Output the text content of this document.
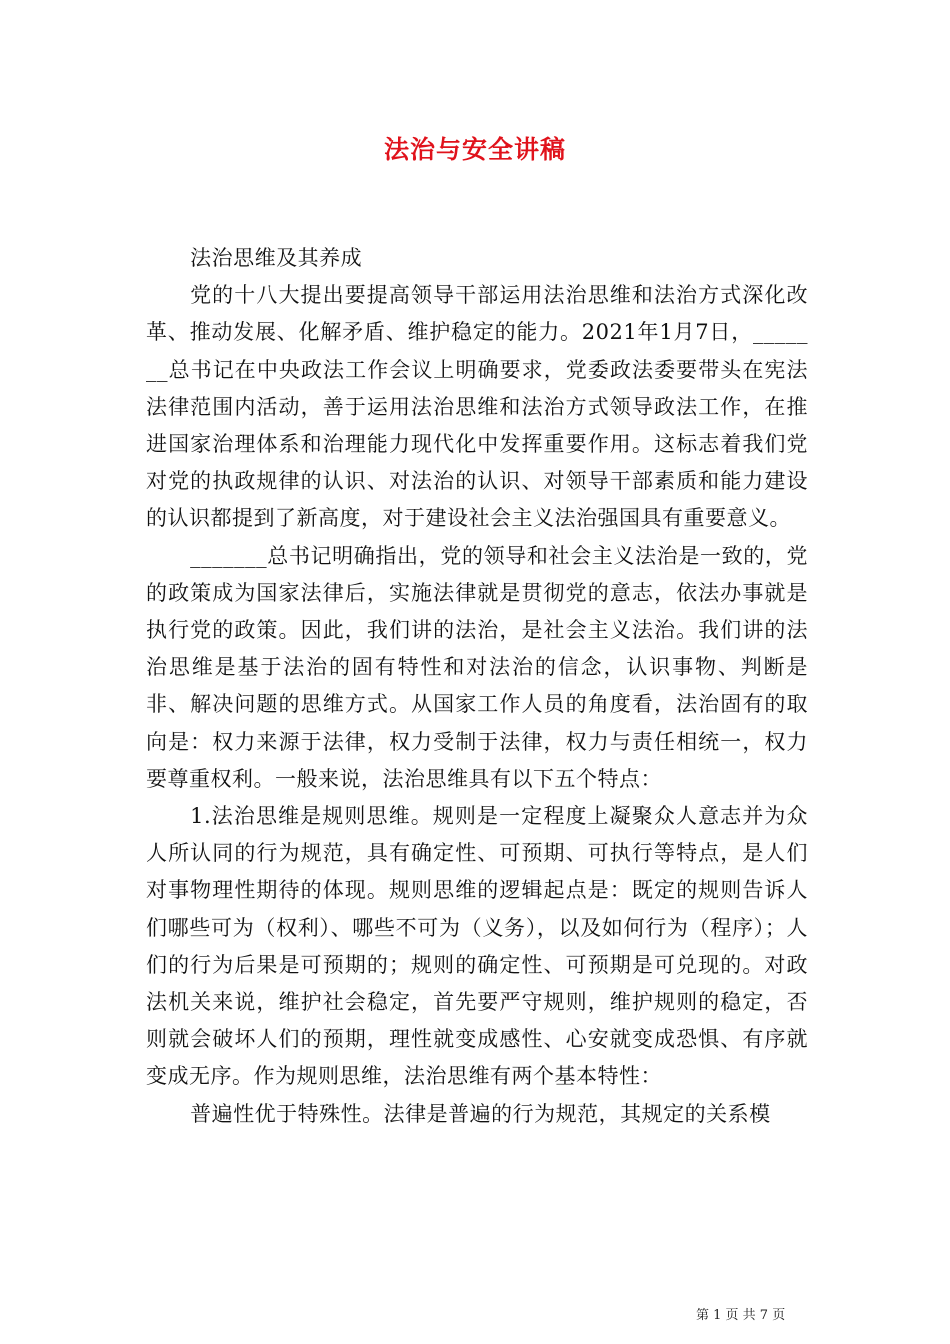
法治与安全讲稿

法治思维及其养成

党的十八大提出要提高领导干部运用法治思维和法治方式深化改革、推动发展、化解矛盾、维护稳定的能力。2021年1月7日，_______总书记在中央政法工作会议上明确要求，党委政法委要带头在宪法法律范围内活动，善于运用法治思维和法治方式领导政法工作，在推进国家治理体系和治理能力现代化中发挥重要作用。这标志着我们党对党的执政规律的认识、对法治的认识、对领导干部素质和能力建设的认识都提到了新高度，对于建设社会主义法治强国具有重要意义。

_______总书记明确指出，党的领导和社会主义法治是一致的，党的政策成为国家法律后，实施法律就是贯彻党的意志，依法办事就是执行党的政策。因此，我们讲的法治，是社会主义法治。我们讲的法治思维是基于法治的固有特性和对法治的信念，认识事物、判断是非、解决问题的思维方式。从国家工作人员的角度看，法治固有的取向是：权力来源于法律，权力受制于法律，权力与责任相统一，权力要尊重权利。一般来说，法治思维具有以下五个特点：

1.法治思维是规则思维。规则是一定程度上凝聚众人意志并为众人所认同的行为规范，具有确定性、可预期、可执行等特点，是人们对事物理性期待的体现。规则思维的逻辑起点是：既定的规则告诉人们哪些可为（权利）、哪些不可为（义务），以及如何行为（程序）；人们的行为后果是可预期的；规则的确定性、可预期是可兑现的。对政法机关来说，维护社会稳定，首先要严守规则，维护规则的稳定，否则就会破坏人们的预期，理性就变成感性、心安就变成恐惧、有序就变成无序。作为规则思维，法治思维有两个基本特性：

普遍性优于特殊性。法律是普遍的行为规范，其规定的关系模

第 1 页 共 7 页
